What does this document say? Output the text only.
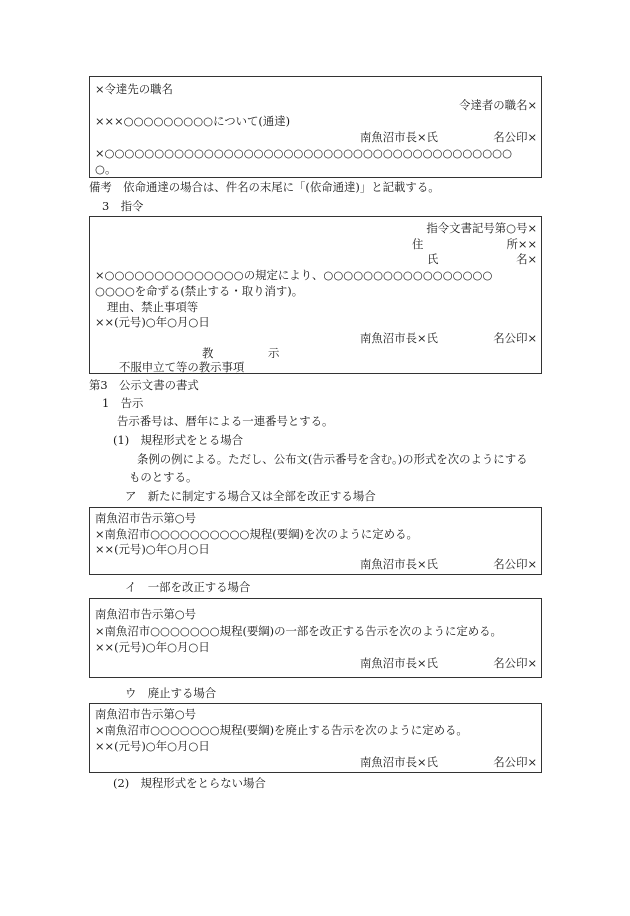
×令達先の職名
令達者の職名×
×××○○○○○○○○○について(通達)
南魚沼市長×氏	名公印×
×○○○○○○○○○○○○○○○○○○○○○○○○○○○○○○○○○○○○○○○○○
○。
備考　依命通達の場合は、件名の末尾に「(依命通達)」と記載する。
3　指令
指令文書記号第○号×
住	所××
氏	名×
×○○○○○○○○○○○○○○の規定により、○○○○○○○○○○○○○○○○○
○○○○を命ずる(禁止する・取り消す)。
理由、禁止事項等
××(元号)○年○月○日
南魚沼市長×氏	名公印×
教	示
不服申立て等の教示事項
第3　公示文書の書式
1　告示
告示番号は、暦年による一連番号とする。
(1)　規程形式をとる場合
条例の例による。ただし、公布文(告示番号を含む。)の形式を次のようにする
ものとする。
ア　新たに制定する場合又は全部を改正する場合
南魚沼市告示第○号
×南魚沼市○○○○○○○○○○規程(要綱)を次のように定める。
××(元号)○年○月○日
南魚沼市長×氏	名公印×
イ　一部を改正する場合
南魚沼市告示第○号
×南魚沼市○○○○○○○規程(要綱)の一部を改正する告示を次のように定める。
××(元号)○年○月○日
南魚沼市長×氏	名公印×
ウ　廃止する場合
南魚沼市告示第○号
×南魚沼市○○○○○○○規程(要綱)を廃止する告示を次のように定める。
××(元号)○年○月○日
南魚沼市長×氏	名公印×
(2)　規程形式をとらない場合
